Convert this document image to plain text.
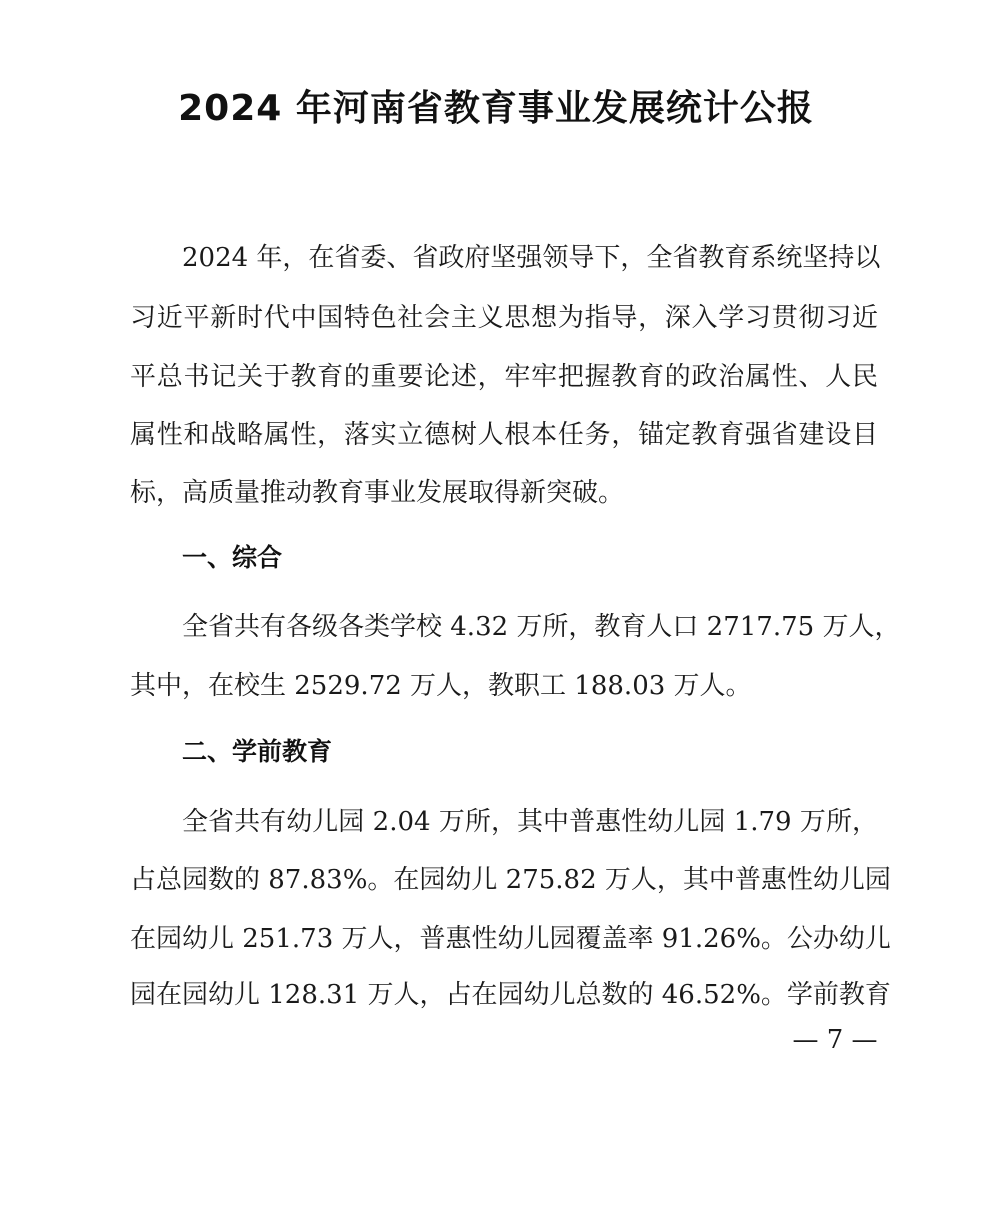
2024 年河南省教育事业发展统计公报
2024 年，在省委、省政府坚强领导下，全省教育系统坚持以
习近平新时代中国特色社会主义思想为指导，深入学习贯彻习近
平总书记关于教育的重要论述，牢牢把握教育的政治属性、人民
属性和战略属性，落实立德树人根本任务，锚定教育强省建设目
标，高质量推动教育事业发展取得新突破。
一、综合
全省共有各级各类学校 4.32 万所，教育人口 2717.75 万人，
其中，在校生 2529.72 万人，教职工 188.03 万人。
二、学前教育
全省共有幼儿园 2.04 万所，其中普惠性幼儿园 1.79 万所，
占总园数的 87.83%。在园幼儿 275.82 万人，其中普惠性幼儿园
在园幼儿 251.73 万人，普惠性幼儿园覆盖率 91.26%。公办幼儿
园在园幼儿 128.31 万人，占在园幼儿总数的 46.52%。学前教育
— 7 —
